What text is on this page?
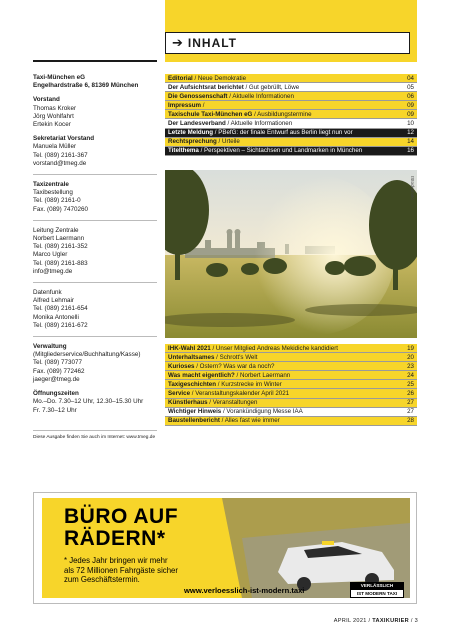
➔ INHALT
Taxi-München eG
Engelhardstraße 6, 81369 München
Vorstand
Thomas Kroker
Jörg Wohlfahrt
Ertekin Kocer
Sekretariat Vorstand
Manuela Müller
Tel. (089) 2161-367
vorstand@tmeg.de
Taxizentrale
Taxibestellung
Tel. (089) 2161-0
Fax. (089) 7470260
Leitung Zentrale
Norbert Laermann
Tel. (089) 2161-352
Marco Ugler
Tel. (089) 2161-883
info@tmeg.de
Datenfunk
Alfred Lehmair
Tel. (089) 2161-654
Monika Antonelli
Tel. (089) 2161-672
Verwaltung
(Mitgliederservice/Buchhaltung/Kasse)
Tel. (089) 773077
Fax. (089) 772462
jaeger@tmeg.de
Öffnungszeiten
Mo.–Do. 7.30–12 Uhr, 12.30–15.30 Uhr
Fr. 7.30–12 Uhr
Diese Ausgabe finden Sie auch im Internet: www.tmeg.de
Editorial / Neue Demokratie	04
Der Aufsichtsrat berichtet / Gut gebrüllt, Löwe	05
Die Genossenschaft / Aktuelle Informationen	06
Impressum /	09
Taxischule Taxi-München eG / Ausbildungstermine	09
Der Landesverband / Aktuelle Informationen	10
Letzte Meldung / PBefG: der finale Entwurf aus Berlin liegt nun vor	12
Rechtsprechung / Urteile	14
Titelthema / Perspektiven – Sichtachsen und Landmarken in München	16
IStockphoto
IHK-Wahl 2021 / Unser Mitglied Andreas Mekidiche kandidiert	19
Unterhaltsames / Schrott's Welt	20
Kurioses / Ostern? Was war da noch?	23
Was macht eigentlich? / Norbert Laermann	24
Taxigeschichten / Kurzstrecke im Winter	25
Service / Veranstaltungskalender April 2021	26
Künstlerhaus / Veranstaltungen	27
Wichtiger Hinweis / Vorankündigung Messe IAA	27
Baustellenbericht / Alles fast wie immer	28
BÜRO AUF
RÄDERN*
* Jedes Jahr bringen wir mehr
als 72 Millionen Fahrgäste sicher
zum Geschäftstermin.
www.verloesslich-ist-modern.taxi
VERLÄSSLICH
IST MODERN TAXI
APRIL 2021 / TAXIKURIER / 3
